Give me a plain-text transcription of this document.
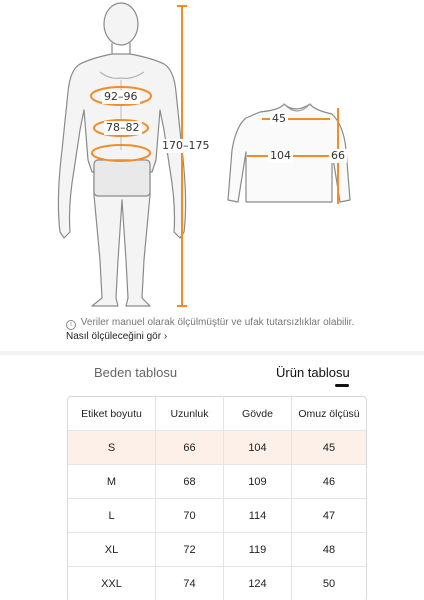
92–96
78–82
170–175
45
104	66
i Veriler manuel olarak ölçülmüştür ve ufak tutarsızlıklar olabilir. Nasıl ölçüleceğini gör ›
Beden tablosu	Ürün tablosu
Etiket boyutu	Uzunluk	Gövde	Omuz ölçüsü
S	66	104	45
M	68	109	46
L	70	114	47
XL	72	119	48
XXL	74	124	50
